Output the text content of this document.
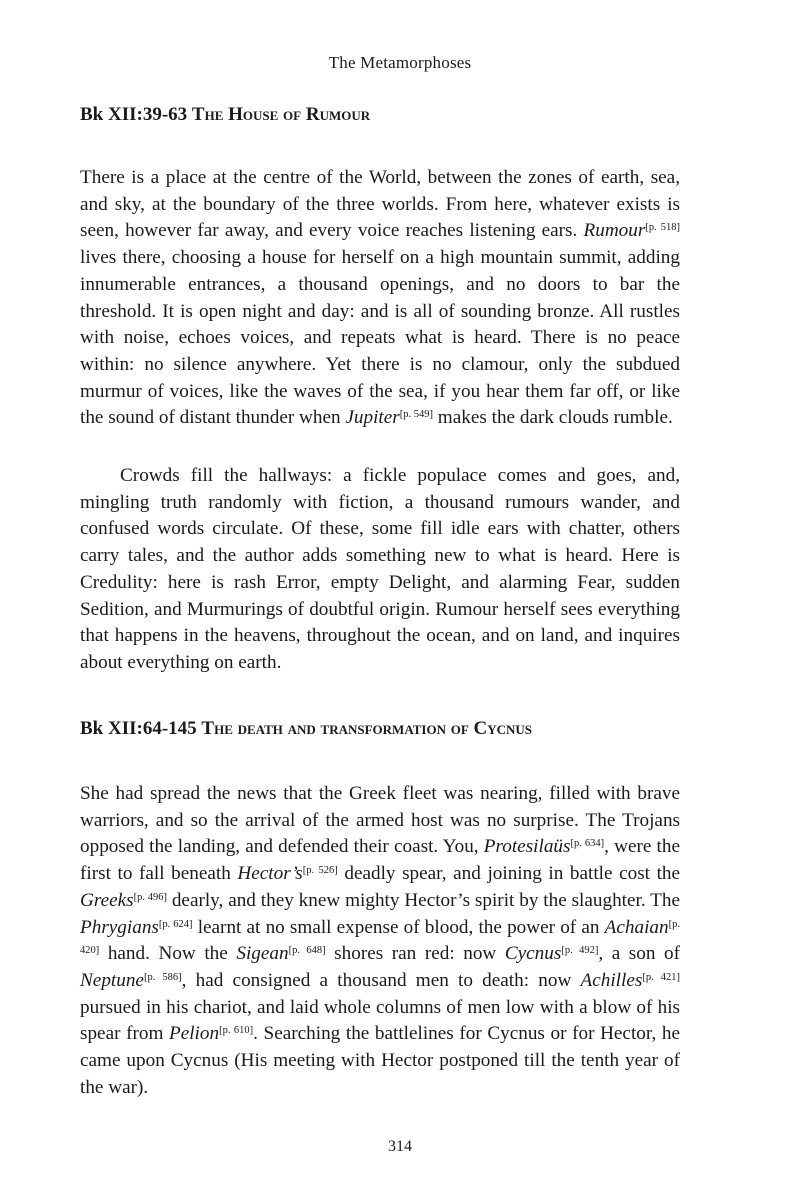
The Metamorphoses
Bk XII:39-63 The House of Rumour

There is a place at the centre of the World, between the zones of earth, sea, and sky, at the boundary of the three worlds. From here, whatever exists is seen, however far away, and every voice reaches listening ears. Rumour[p. 518] lives there, choosing a house for herself on a high mountain summit, adding innumerable entrances, a thousand openings, and no doors to bar the threshold. It is open night and day: and is all of sounding bronze. All rustles with noise, echoes voices, and repeats what is heard. There is no peace within: no silence anywhere. Yet there is no clamour, only the subdued murmur of voices, like the waves of the sea, if you hear them far off, or like the sound of distant thunder when Jupiter[p. 549] makes the dark clouds rumble.

Crowds fill the hallways: a fickle populace comes and goes, and, mingling truth randomly with fiction, a thousand rumours wander, and confused words circulate. Of these, some fill idle ears with chatter, others carry tales, and the author adds something new to what is heard. Here is Credulity: here is rash Error, empty Delight, and alarming Fear, sudden Sedition, and Murmurings of doubtful origin. Rumour herself sees everything that happens in the heavens, throughout the ocean, and on land, and inquires about everything on earth.

Bk XII:64-145 The death and transformation of Cycnus

She had spread the news that the Greek fleet was nearing, filled with brave warriors, and so the arrival of the armed host was no surprise. The Trojans opposed the landing, and defended their coast. You, Protesilaüs[p. 634], were the first to fall beneath Hector’s[p. 526] deadly spear, and joining in battle cost the Greeks[p. 496] dearly, and they knew mighty Hector’s spirit by the slaughter. The Phrygians[p. 624] learnt at no small expense of blood, the power of an Achaian[p. 420] hand. Now the Sigean[p. 648] shores ran red: now Cycnus[p. 492], a son of Neptune[p. 586], had consigned a thousand men to death: now Achilles[p. 421] pursued in his chariot, and laid whole columns of men low with a blow of his spear from Pelion[p. 610]. Searching the battlelines for Cycnus or for Hector, he came upon Cycnus (His meeting with Hector postponed till the tenth year of the war).

314
